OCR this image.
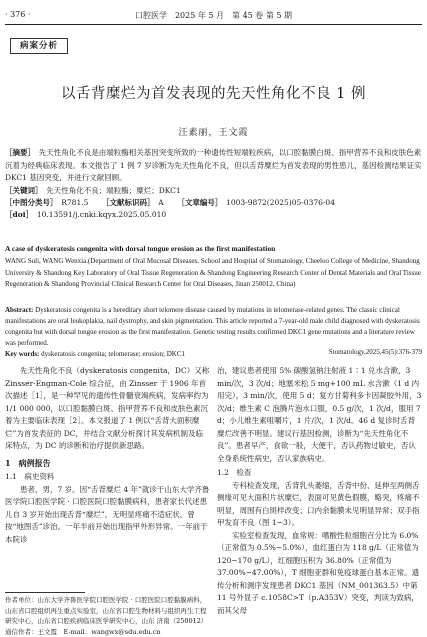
· 376 ·	口腔医学　2025 年 5 月　第 45 卷 第 5 期
病案分析
以舌背糜烂为首发表现的先天性角化不良 1 例
汪素丽，王文霞

［摘要］　 先天性角化不良是由端粒酶相关基因突变所致的一种遗传性短端粒疾病，以口腔黏膜白斑、指甲营养不良和皮肤色素沉着为经典临床表现。本文报告了 1 例 7 岁诊断为先天性角化不良，但以舌背糜烂为首发表现的男性患儿，基因检测结果证实 DKC1 基因突变，并进行文献回顾。

［关键词］　 先天性角化不良；端粒酶；糜烂；DKC1

［中图分类号］　 R781.5 　　 ［文献标识码］　 A 　　 ［文章编号］　 1003-9872(2025)05-0376-04

［doi］　 10.13591/j.cnki.kqyx.2025.05.010

A case of dyskeratosis congenita with dorsal tongue erosion as the first manifestation
WANG Suli, WANG Wenxia.(Department of Oral Mucosal Diseases, School and Hospital of Stomatology, Cheeloo College of Medicine, Shandong University & Shandong Key Laboratory of Oral Tissue Regeneration & Shandong Engineering Research Center of Dental Materials and Oral Tissue Regeneration & Shandong Provincial Clinical Research Center for Oral Diseases, Jinan 250012, China)

Abstract: Dyskeratosis congenita is a hereditary short telomere disease caused by mutations in telomerase-related genes. The classic clinical manifestations are oral leukoplakia, nail dystrophy, and skin pigmentation. This article reported a 7-year-old male child diagnosed with dyskeratosis congenita but with dorsal tongue erosion as the first manifestation. Genetic testing results confirmed DKC1 gene mutations and a literature review was performed.

Key words: dyskeratosis congenita; telomerase; erosion; DKC1	Stomatology,2025,45(5):376-379

先天性角化不良（dyskeratosis congenita，DC）又称 Zinsser-Engman-Cole 综合征，由 Zinsser 于 1906 年首次描述［1］，是一种罕见的遗传性骨髓衰竭疾病，发病率约为 1/1 000 000，以口腔黏膜白斑、指甲营养不良和皮肤色素沉着为主要临床表现［2］。本文报道了 1 例以“舌背大面积糜烂”为首发表征的 DC，并结合文献分析探讨其发病机制及临床特点，为 DC 的诊断和治疗提供新思路。

1　病例报告

1.1　病史资料

患者，男，7 岁。因“舌背糜烂 4 年”就诊于山东大学齐鲁医学院口腔医学院 · 口腔医院口腔黏膜病科，患者家长代述患儿自 3 岁开始出现舌背“糜烂”，无明显疼痛不适症状，曾按“地图舌”诊治。一年半前开始出现指甲外形异常。一年前于本院诊

作者单位：山东大学齐鲁医学院口腔医学院 · 口腔医院口腔黏膜病科，山东省口腔组织再生重点实验室，山东省口腔生物材料与组织再生工程研究中心，山东省口腔疾病临床医学研究中心，山东 济南（250012）

通信作者：王文霞　E-mail：wangwx@sdu.edu.cn

治，建议患者使用 5% 碳酸氢钠注射液 1∶1 兑水含漱，3 min/次，3 次/d；地塞米松 5 mg+100 mL 水含漱（1 d 内用完），3 min/次，使用 5 d；复方甘菊利多卡因凝胶外用，3 次/d；维生素 C 泡腾片泡水口服，0.5 g/次，1 次/d，服用 7 d；小儿维生素咀嚼片，1 片/次，1 次/d。46 d 复诊时舌背糜烂改善不明显。建议行基因检测，诊断为“先天性角化不良”。患者早产，食欲一般，大便干，否认药物过敏史，否认全身系统性病史，否认家族病史。

1.2　检查

专科检查发现，舌背乳头萎缩，舌背中份、延伸至两侧舌侧缘可见大面积片状糜烂，表面可见黄色假膜，略突，疼痛不明显，周围有白斑样改变；口内余黏膜未见明显异常；双手指甲发育不良（图 1~3）。

实验室检查发现，血常规：嗜酸性粒细胞百分比为 6.0%（正常值为 0.5%~5.0%），血红蛋白为 118 g/L（正常值为 120~170 g/L），红细胞压积为 36.80%（正常值为 37.00%~47.00%），T 细胞亚群和免疫球蛋白基本正常。遗传分析和测序发现患者 DKC1 基因（NM_001363.5）中第 11 号外显子 c.1058C>T（p.A353V）突变，判读为致病，而其父母
